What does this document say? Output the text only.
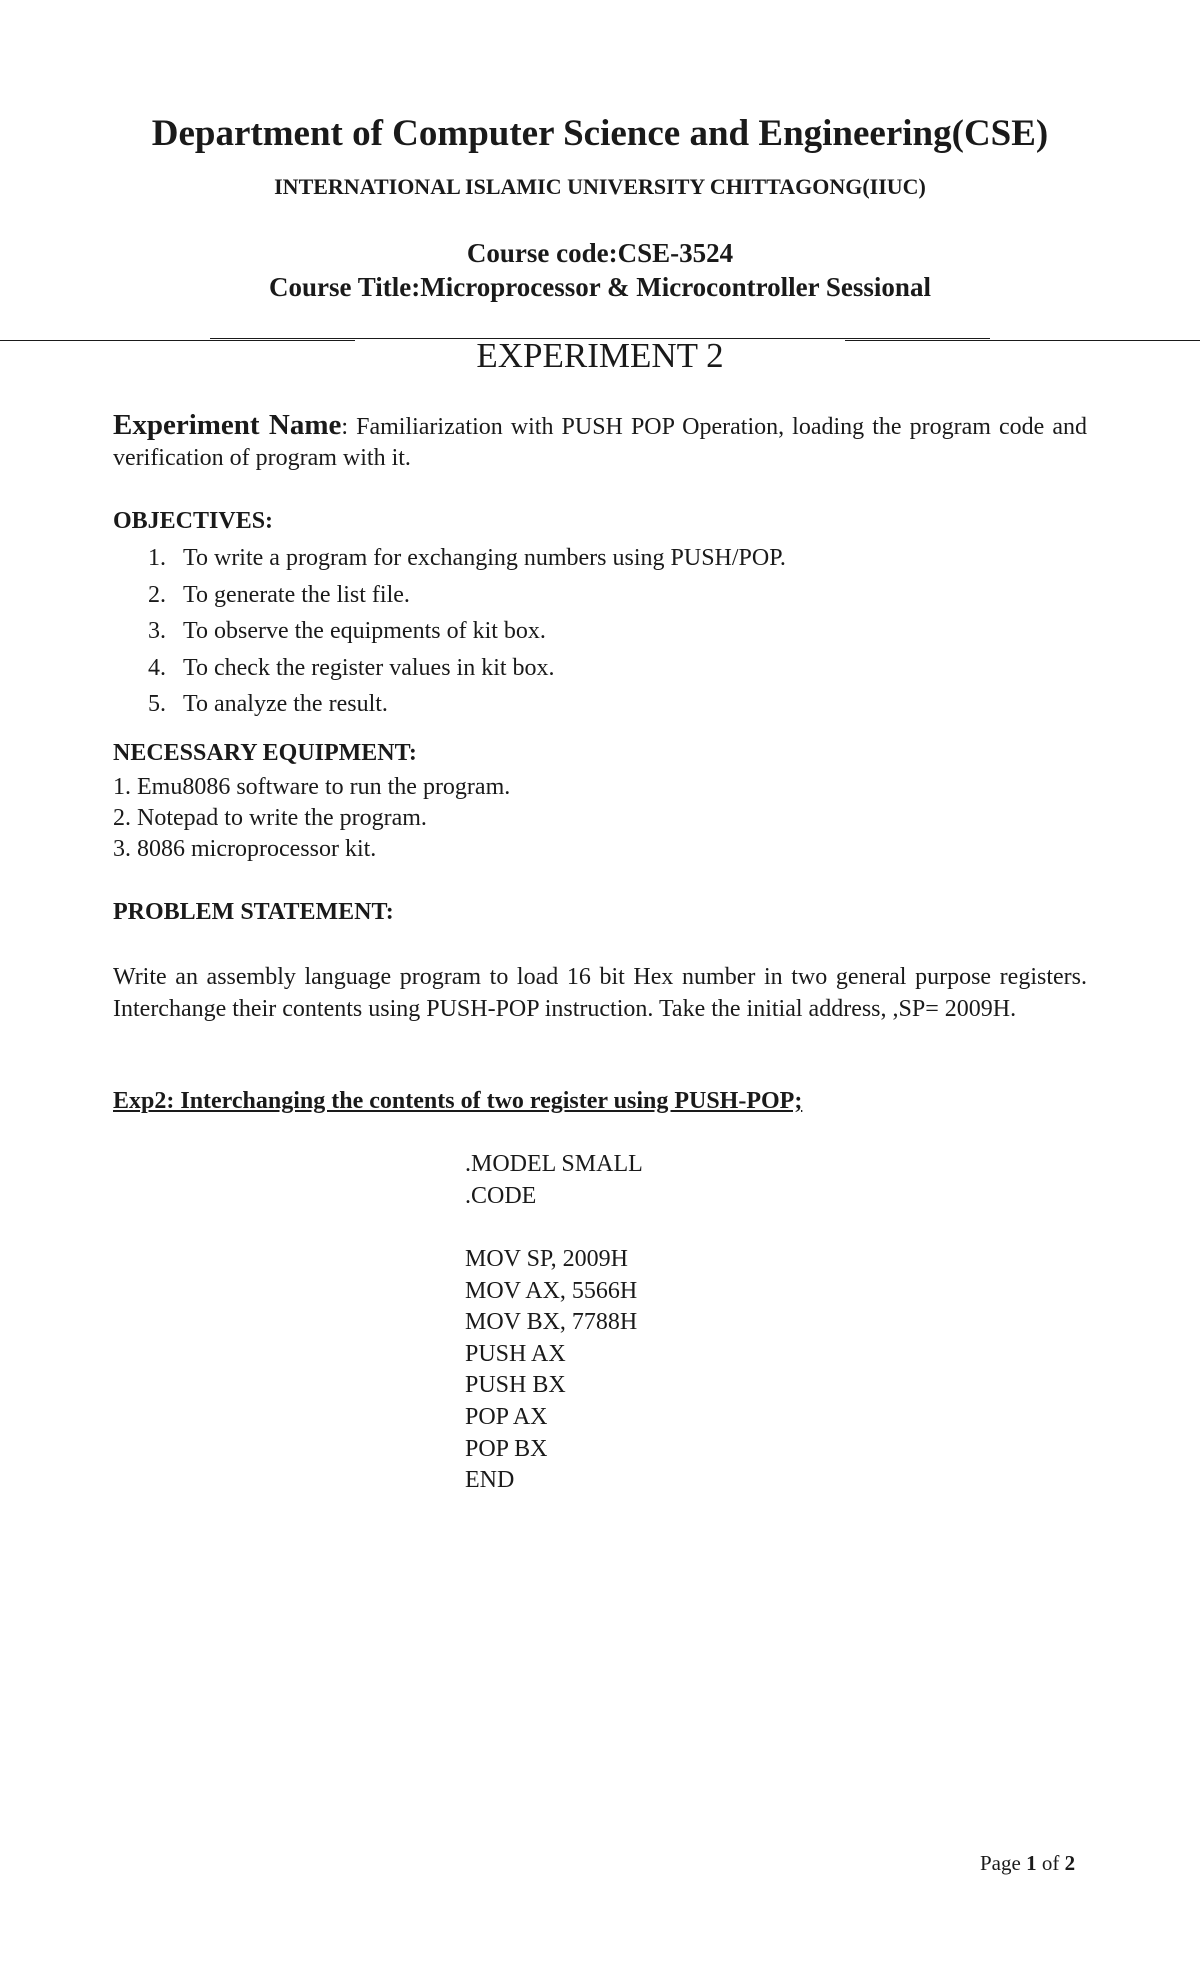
Department of Computer Science and Engineering(CSE)
INTERNATIONAL ISLAMIC UNIVERSITY CHITTAGONG(IIUC)
Course code:CSE-3524
Course Title:Microprocessor & Microcontroller Sessional
EXPERIMENT 2
Experiment Name: Familiarization with PUSH POP Operation, loading the program code and verification of program with it.
OBJECTIVES:
1. To write a program for exchanging numbers using PUSH/POP.
2. To generate the list file.
3. To observe the equipments of kit box.
4. To check the register values in kit box.
5. To analyze the result.
NECESSARY EQUIPMENT:
1. Emu8086 software to run the program.
2. Notepad to write the program.
3. 8086 microprocessor kit.
PROBLEM STATEMENT:
Write an assembly language program to load 16 bit Hex number in two general purpose registers. Interchange their contents using PUSH-POP instruction. Take the initial address, ,SP= 2009H.
Exp2: Interchanging the contents of two register using PUSH-POP;
.MODEL SMALL
.CODE
MOV SP, 2009H
MOV AX, 5566H
MOV BX, 7788H
PUSH AX
PUSH BX
POP AX
POP BX
END
Page 1 of 2
